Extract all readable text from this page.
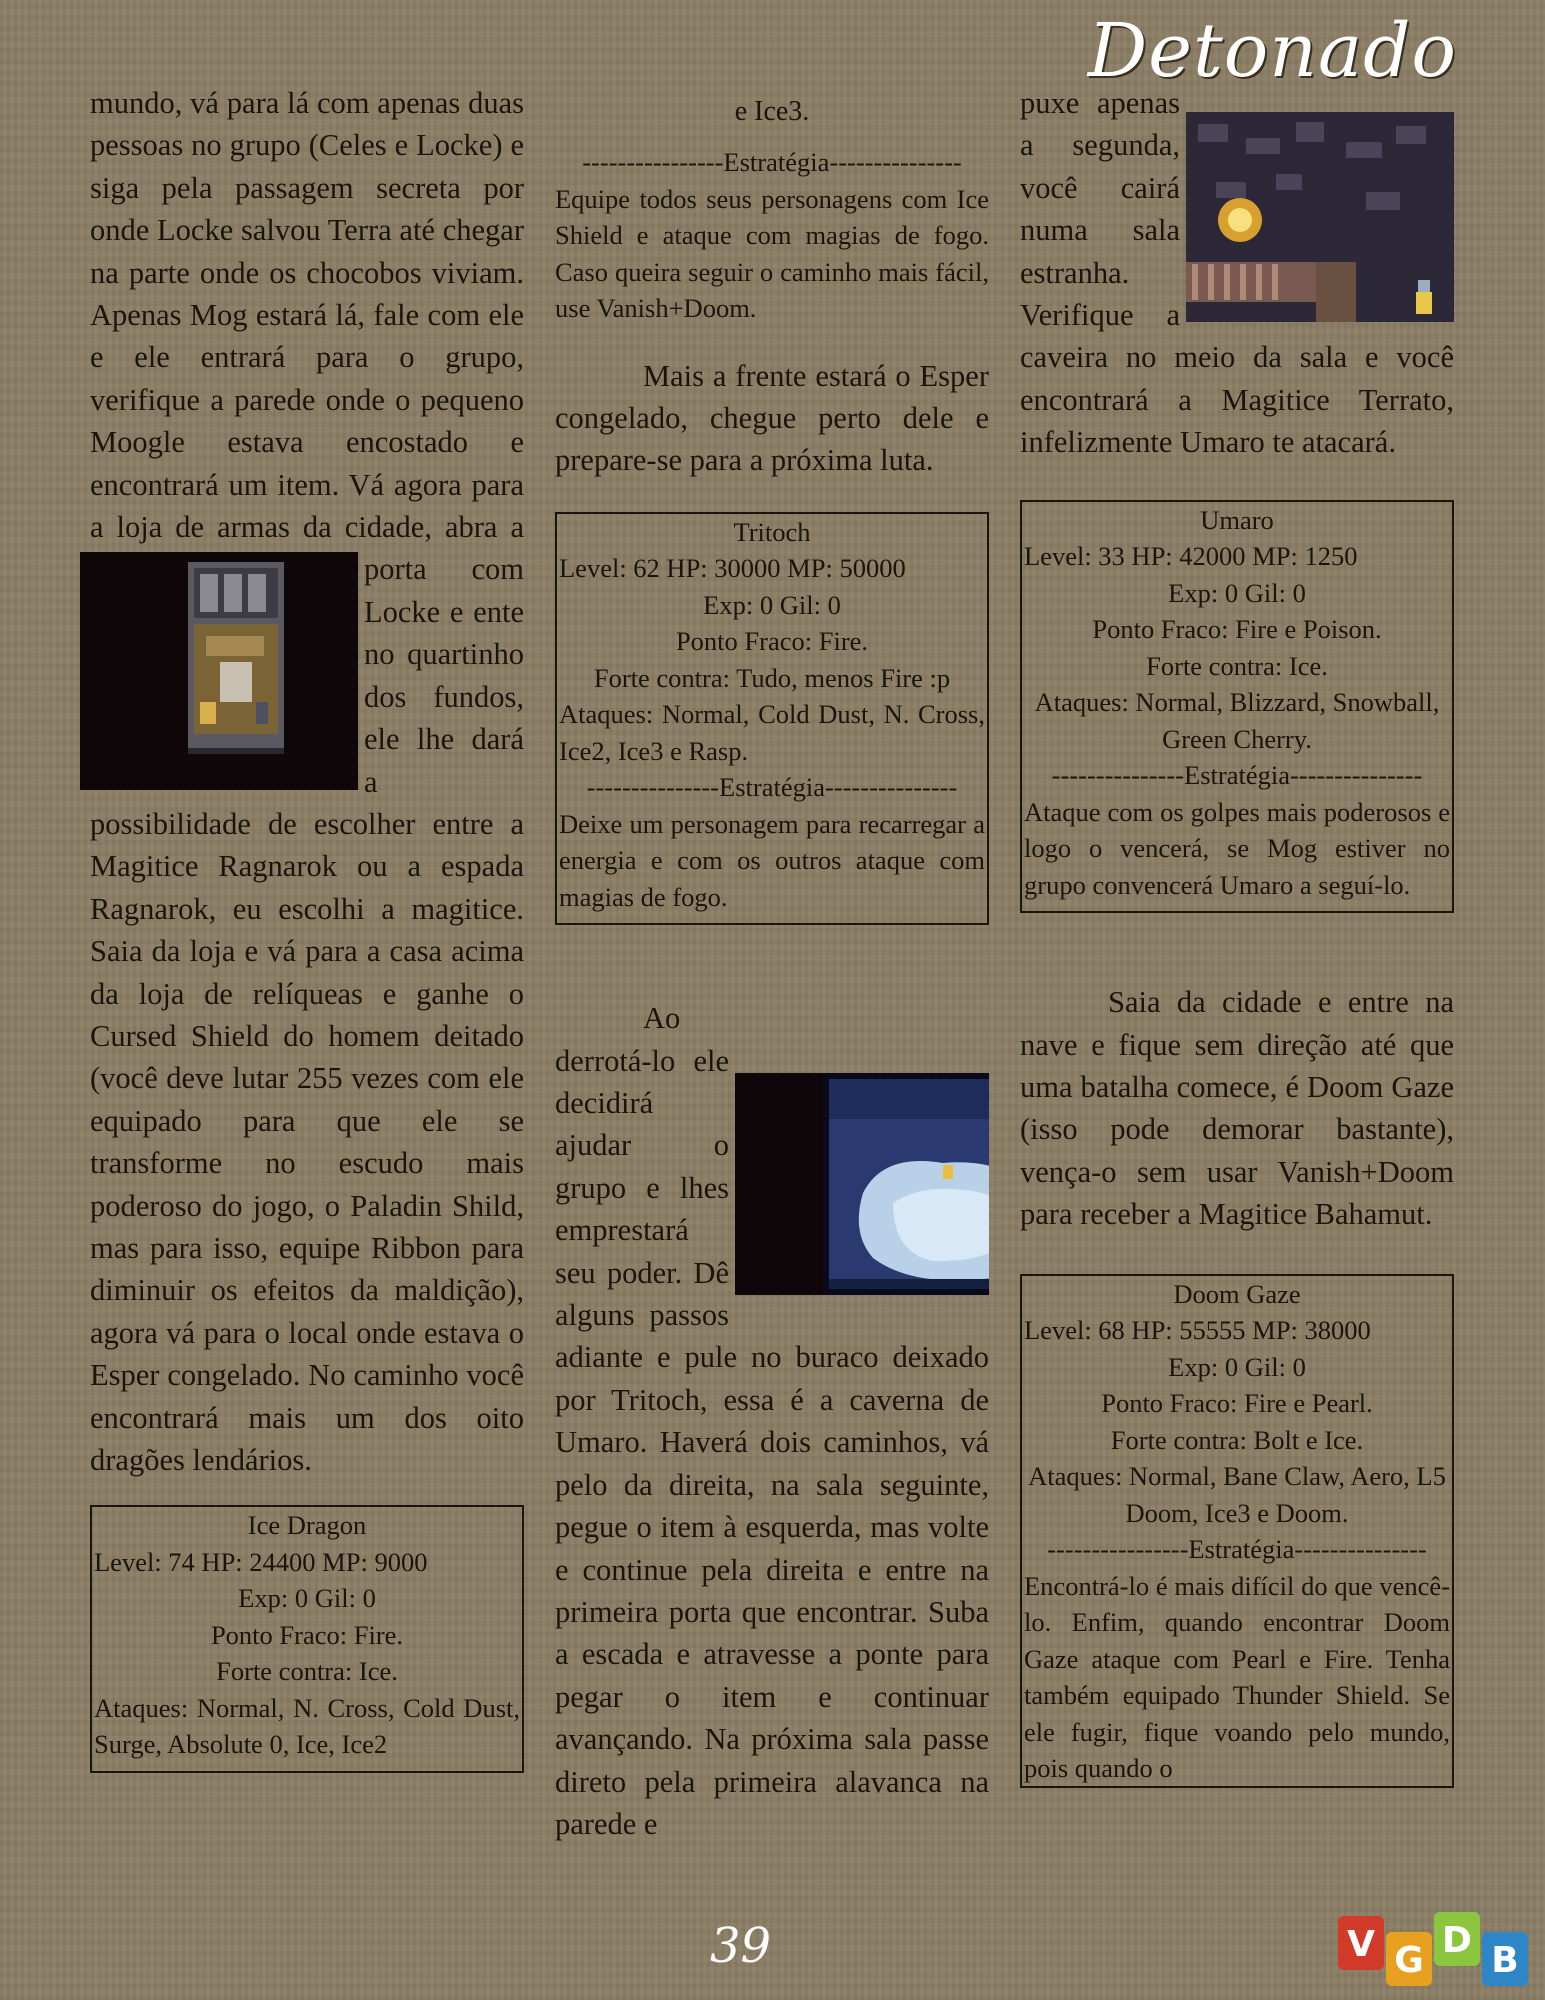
Detonado

mundo, vá para lá com apenas duas pessoas no grupo (Celes e Locke) e siga pela passagem secreta por onde Locke salvou Terra até chegar na parte onde os chocobos viviam. Apenas Mog estará lá, fale com ele e ele entrará para o grupo, verifique a parede onde o pequeno Moogle estava encostado e encontrará um item. Vá agora para a loja de armas da cidade, abra a porta com Locke e ente no quartinho dos fundos, ele lhe dará a possibilidade de escolher entre a Magitice Ragnarok ou a espada Ragnarok, eu escolhi a magitice. Saia da loja e vá para a casa acima da loja de relíqueas e ganhe o Cursed Shield do homem deitado (você deve lutar 255 vezes com ele equipado para que ele se transforme no escudo mais poderoso do jogo, o Paladin Shild, mas para isso, equipe Ribbon para diminuir os efeitos da maldição), agora vá para o local onde estava o Esper congelado. No caminho você encontrará mais um dos oito dragões lendários.

Ice Dragon
Level: 74 HP: 24400 MP: 9000
Exp: 0 Gil: 0
Ponto Fraco: Fire.
Forte contra: Ice.
Ataques: Normal, N. Cross, Cold Dust, Surge, Absolute 0, Ice, Ice2

e Ice3.

----------------Estratégia---------------

Equipe todos seus personagens com Ice Shield e ataque com magias de fogo. Caso queira seguir o caminho mais fácil, use Vanish+Doom.

Mais a frente estará o Esper congelado, chegue perto dele e prepare-se para a próxima luta.

Tritoch
Level: 62 HP: 30000 MP: 50000
Exp: 0 Gil: 0
Ponto Fraco: Fire.
Forte contra: Tudo, menos Fire :p
Ataques: Normal, Cold Dust, N. Cross, Ice2, Ice3 e Rasp.
---------------Estratégia---------------
Deixe um personagem para recarregar a energia e com os outros ataque com magias de fogo.

Ao derrotá-lo ele decidirá ajudar o grupo e lhes emprestará seu poder. Dê alguns passos adiante e pule no buraco deixado por Tritoch, essa é a caverna de Umaro. Haverá dois caminhos, vá pelo da direita, na sala seguinte, pegue o item à esquerda, mas volte e continue pela direita e entre na primeira porta que encontrar. Suba a escada e atravesse a ponte para pegar o item e continuar avançando. Na próxima sala passe direto pela primeira alavanca na parede e

puxe apenas a segunda, você cairá numa sala estranha. Verifique a caveira no meio da sala e você encontrará a Magitice Terrato, infelizmente Umaro te atacará.

Umaro
Level: 33 HP: 42000 MP: 1250
Exp: 0 Gil: 0
Ponto Fraco: Fire e Poison.
Forte contra: Ice.
Ataques: Normal, Blizzard, Snowball, Green Cherry.
---------------Estratégia---------------
Ataque com os golpes mais poderosos e logo o vencerá, se Mog estiver no grupo convencerá Umaro a seguí-lo.

Saia da cidade e entre na nave e fique sem direção até que uma batalha comece, é Doom Gaze (isso pode demorar bastante), vença-o sem usar Vanish+Doom para receber a Magitice Bahamut.

Doom Gaze
Level: 68 HP: 55555 MP: 38000
Exp: 0 Gil: 0
Ponto Fraco: Fire e Pearl.
Forte contra: Bolt e Ice.
Ataques: Normal, Bane Claw, Aero, L5 Doom, Ice3 e Doom.
----------------Estratégia---------------
Encontrá-lo é mais difícil do que vencê-lo. Enfim, quando encontrar Doom Gaze ataque com Pearl e Fire. Tenha também equipado Thunder Shield. Se ele fugir, fique voando pelo mundo, pois quando o
39	V G D B
